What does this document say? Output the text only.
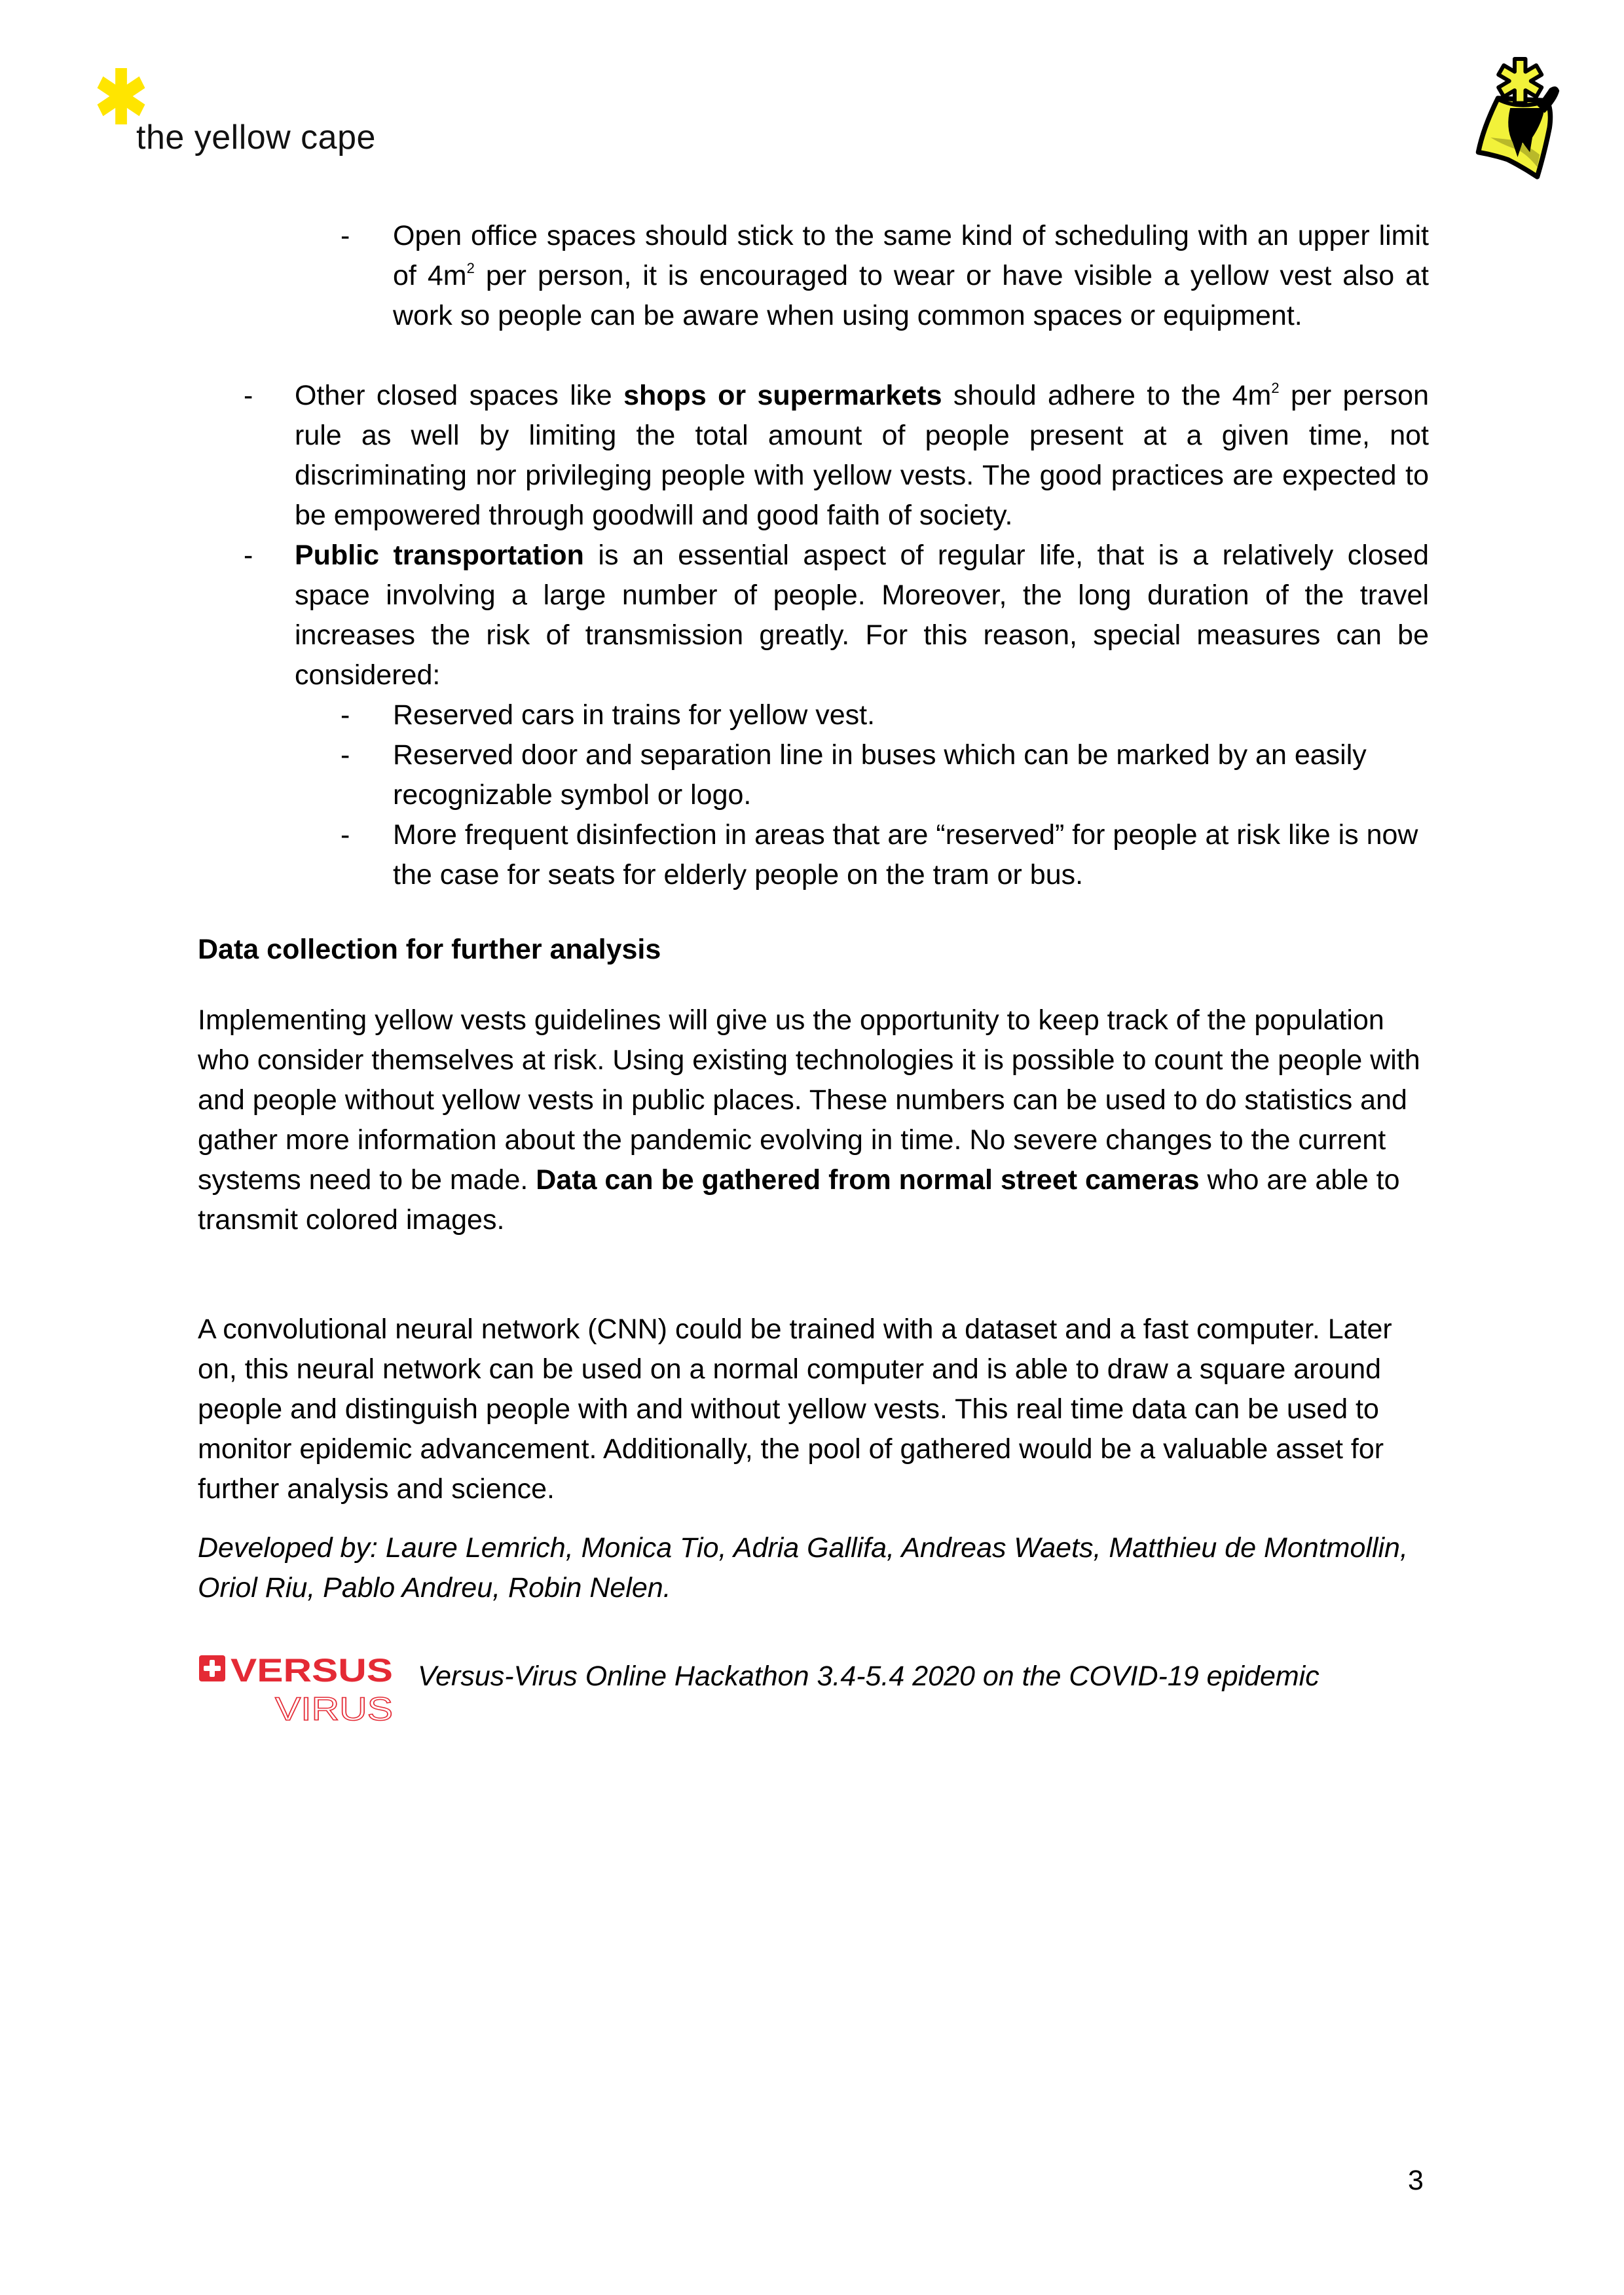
the yellow cape
- Open office spaces should stick to the same kind of scheduling with an upper limit of $4m^2$ per person, it is encouraged to wear or have visible a yellow vest also at work so people can be aware when using common spaces or equipment.
- Other closed spaces like shops or supermarkets should adhere to the $4m^2$ per person rule as well by limiting the total amount of people present at a given time, not discriminating nor privileging people with yellow vests. The good practices are expected to be empowered through goodwill and good faith of society.
- Public transportation is an essential aspect of regular life, that is a relatively closed space involving a large number of people. Moreover, the long duration of the travel increases the risk of transmission greatly. For this reason, special measures can be considered:
- Reserved cars in trains for yellow vest.
- Reserved door and separation line in buses which can be marked by an easily recognizable symbol or logo.
- More frequent disinfection in areas that are “reserved” for people at risk like is now the case for seats for elderly people on the tram or bus.
Data collection for further analysis
Implementing yellow vests guidelines will give us the opportunity to keep track of the population who consider themselves at risk. Using existing technologies it is possible to count the people with and people without yellow vests in public places. These numbers can be used to do statistics and gather more information about the pandemic evolving in time. No severe changes to the current systems need to be made. Data can be gathered from normal street cameras who are able to transmit colored images.
A convolutional neural network (CNN) could be trained with a dataset and a fast computer. Later on, this neural network can be used on a normal computer and is able to draw a square around people and distinguish people with and without yellow vests. This real time data can be used to monitor epidemic advancement. Additionally, the pool of gathered would be a valuable asset for further analysis and science.
Developed by: Laure Lemrich, Monica Tio, Adria Gallifa, Andreas Waets, Matthieu de Montmollin, Oriol Riu, Pablo Andreu, Robin Nelen.
VERSUS
VIRUS
Versus-Virus Online Hackathon 3.4-5.4 2020 on the COVID-19 epidemic
3
